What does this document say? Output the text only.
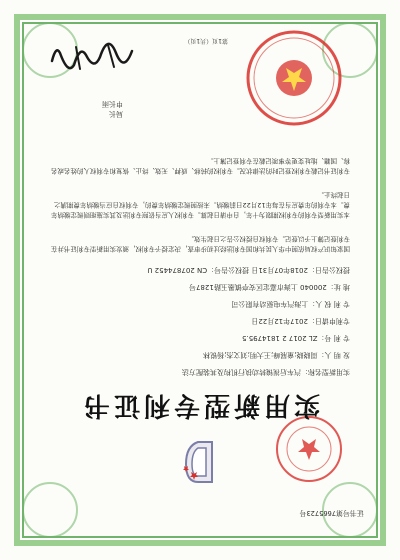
证书号第7665723号
实用新型专利证书
实用新型名称：汽车后视镜转动执行机构及其装配方法
发 明 人：周晓晓;童展峰;王大明;刘文杰;杨锐林
专 利 号：ZL 2017 2 1814795.5
专利申请日：2017年12月22日
专 利 权 人：上海汽车电驱动有限公司
地 址：200040 上海市嘉定区安亭镇墨玉路1287号
授权公告日：2018年07月31日 授权公告号：CN 207874452 U
国家知识产权局依照中华人民共和国专利法经过初步审查，决定授予专利权，颁发实用新型专利证书并在专利登记簿上予以登记。专利权自授权公告之日起生效。
本实用新型专利的专利权期限为十年，自申请日起算。专利权人应当依照专利法及其实施细则规定缴纳年费。本专利的年费应当在每年12月22日前缴纳。未按照规定缴纳年费的，专利权自应当缴纳年费期满之日起终止。
专利证书记载专利权登记时的法律状况。专利权的转移、质押、无效、终止、恢复和专利权人的姓名或名称、国籍、地址变更等事项记载在专利登记簿上。
局长
申长雨
第1页（共1页）
